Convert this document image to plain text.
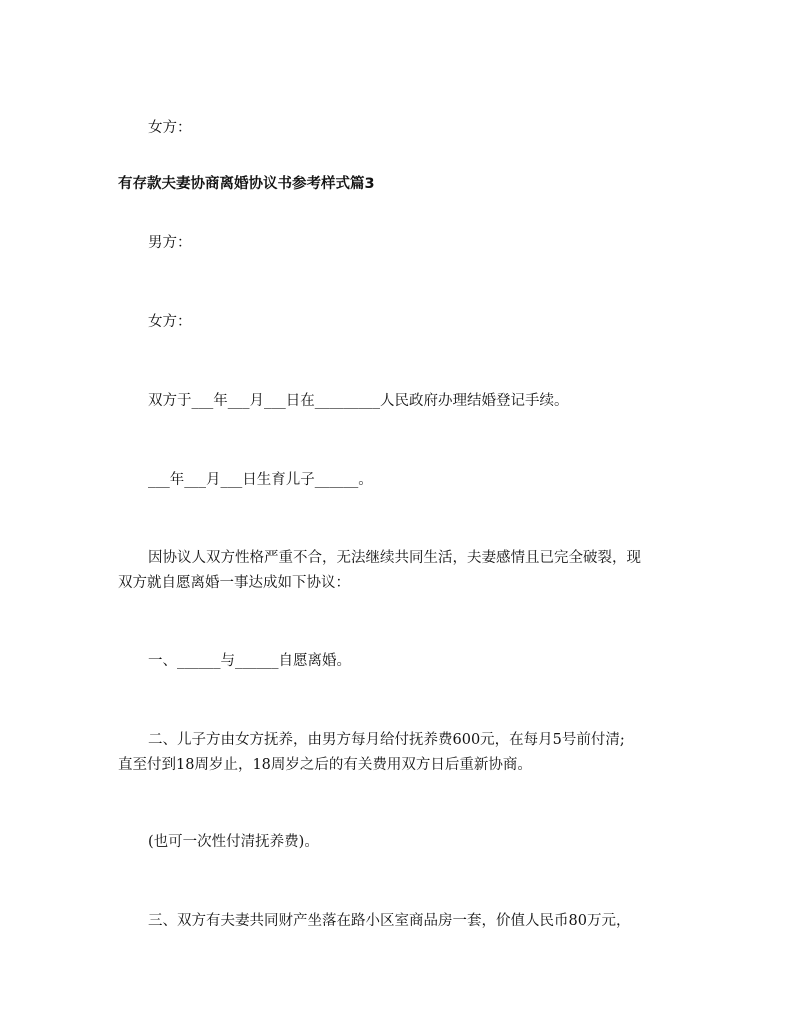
女方：
有存款夫妻协商离婚协议书参考样式篇3
男方：
女方：
双方于___年___月___日在_________人民政府办理结婚登记手续。
___年___月___日生育儿子______。
因协议人双方性格严重不合，无法继续共同生活，夫妻感情且已完全破裂，现
双方就自愿离婚一事达成如下协议：
一、______与______自愿离婚。
二、儿子方由女方抚养，由男方每月给付抚养费600元，在每月5号前付清;
直至付到18周岁止，18周岁之后的有关费用双方日后重新协商。
(也可一次性付清抚养费)。
三、双方有夫妻共同财产坐落在路小区室商品房一套，价值人民币80万元，
